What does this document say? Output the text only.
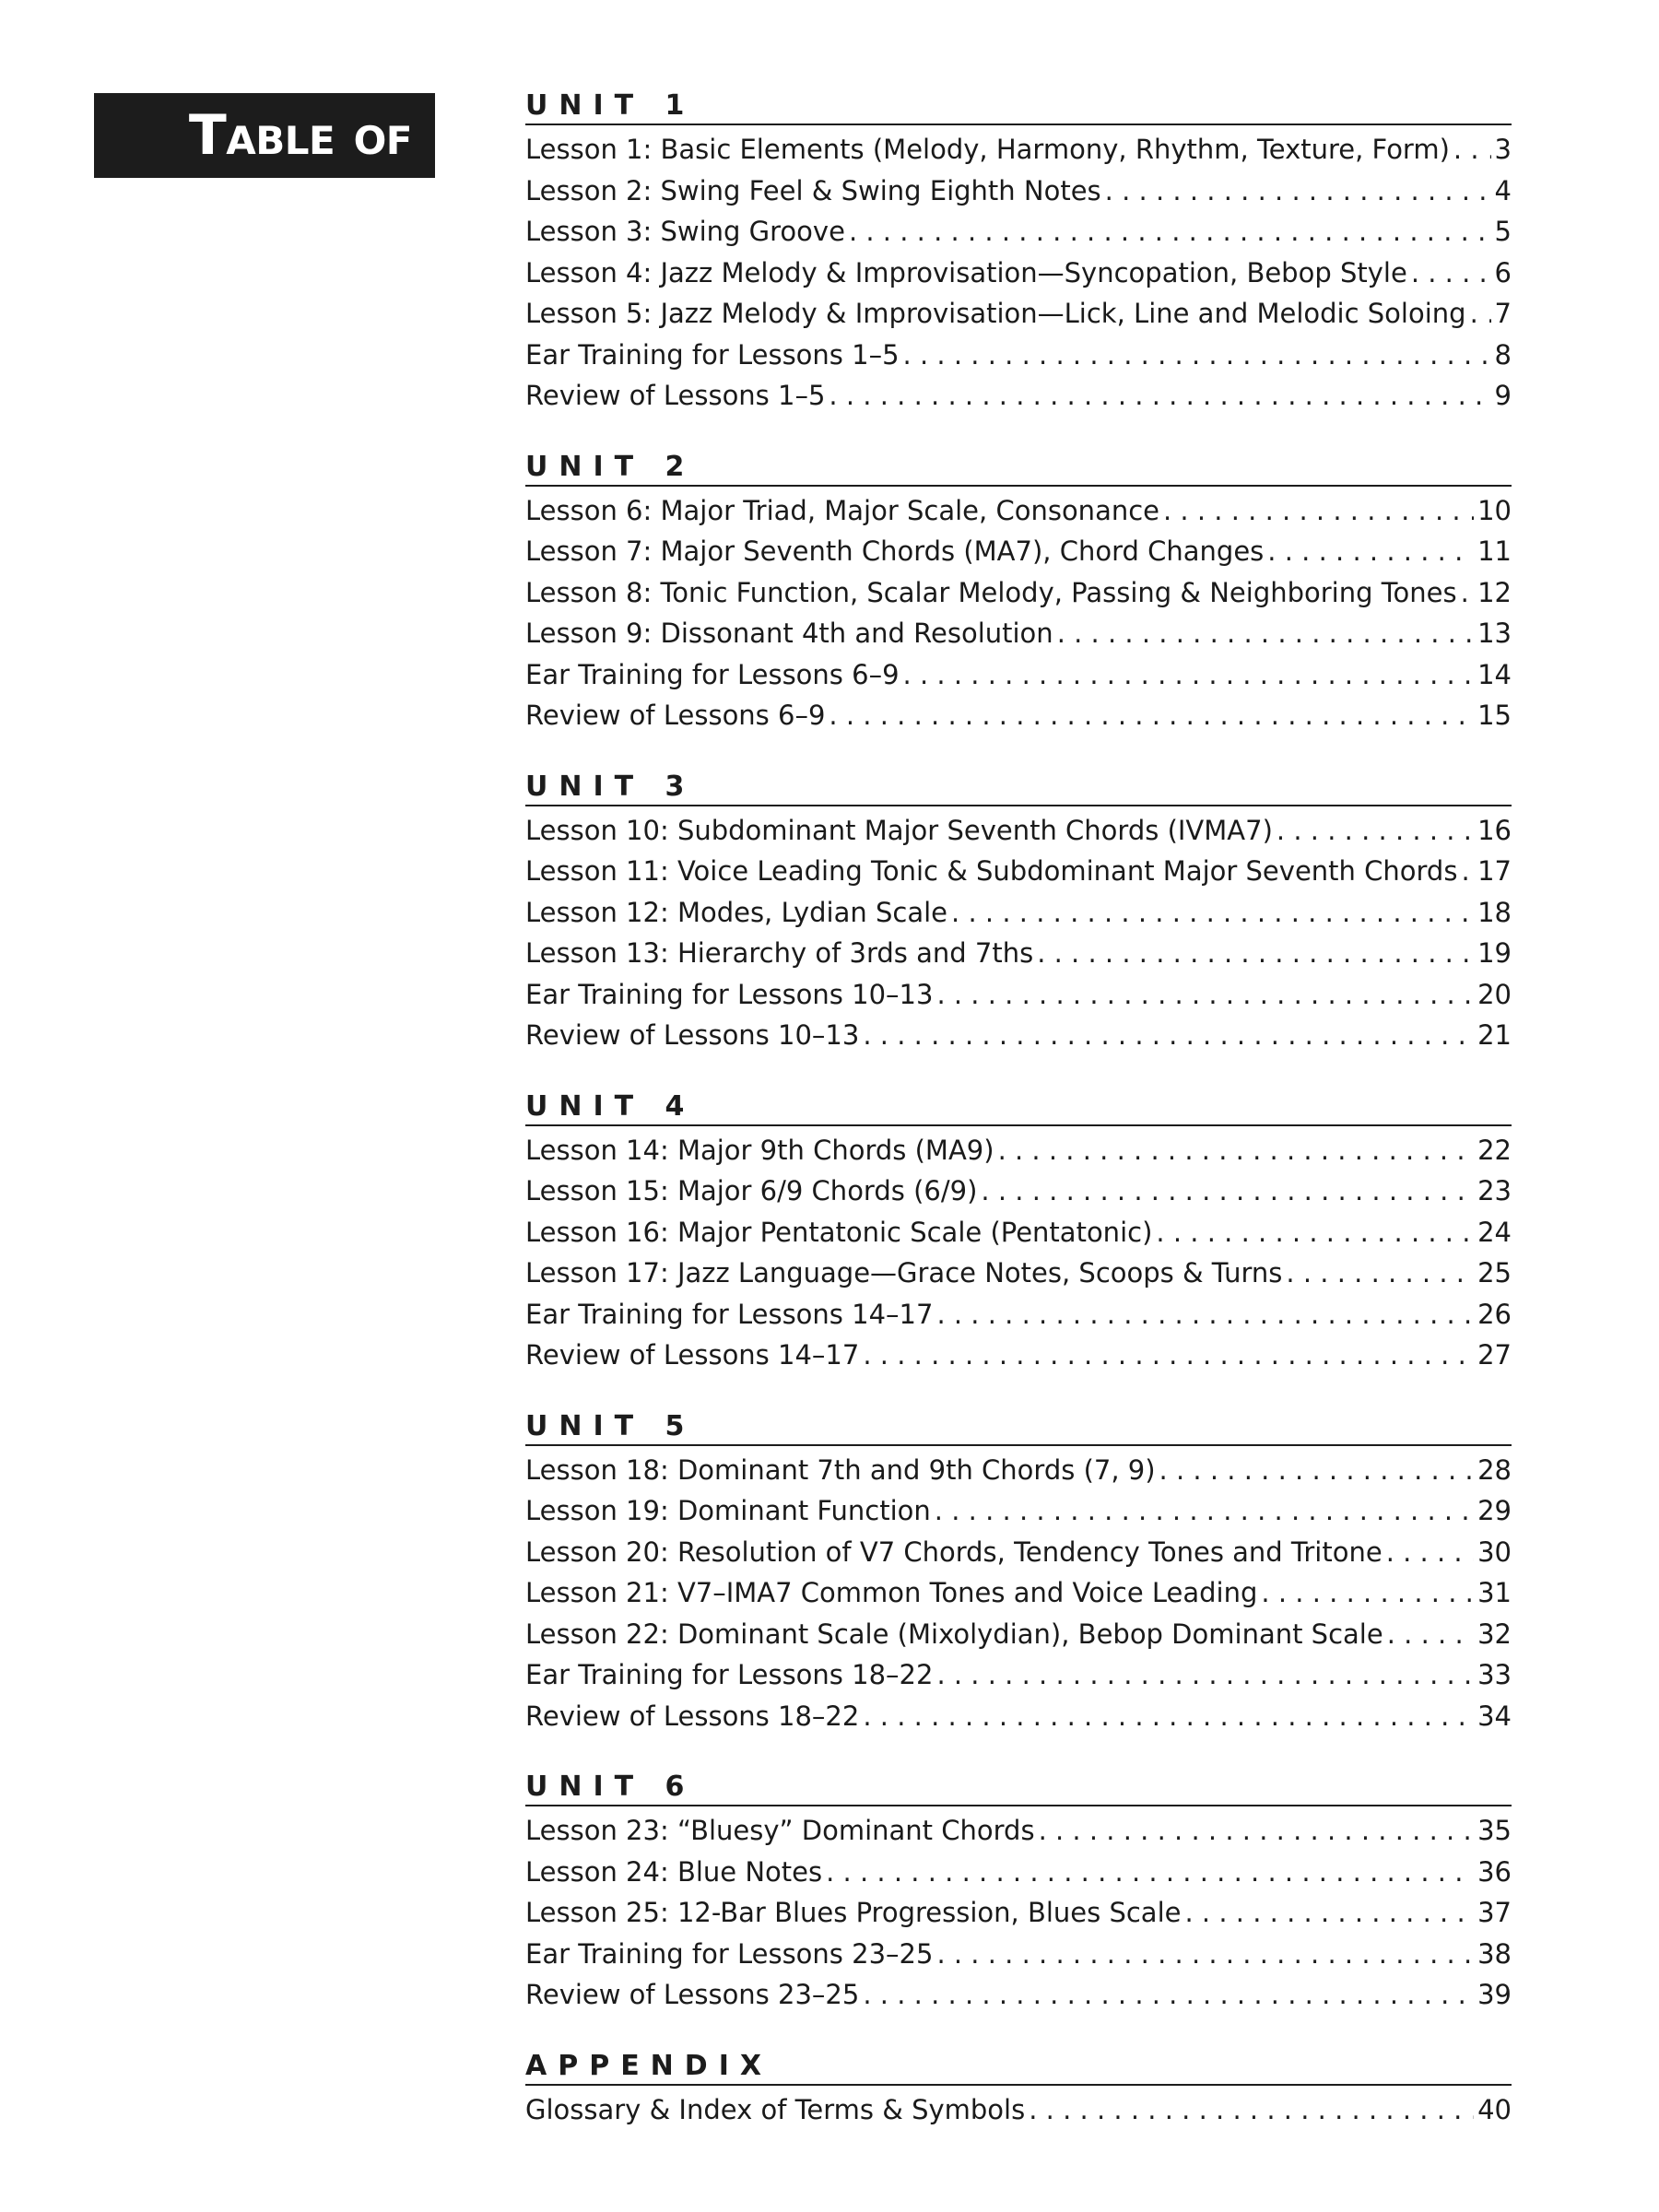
Table of	UNIT 1
Lesson 1: Basic Elements (Melody, Harmony, Rhythm, Texture, Form) . . . 3
Lesson 2: Swing Feel & Swing Eighth Notes . . .	4
Lesson 3: Swing Groove . . .	5
Lesson 4: Jazz Melody & Improvisation—Syncopation, Bebop Style . . .	6
Lesson 5: Jazz Melody & Improvisation—Lick, Line and Melodic Soloing . . . 7
Ear Training for Lessons 1–5 . . .	8
Review of Lessons 1–5 . . .	9
UNIT 2
Lesson 6: Major Triad, Major Scale, Consonance . . .	10
Lesson 7: Major Seventh Chords (MA7), Chord Changes . . .	11
Lesson 8: Tonic Function, Scalar Melody, Passing & Neighboring Tones . . . 12
Lesson 9: Dissonant 4th and Resolution . . .	13
Ear Training for Lessons 6–9 . . .	14
Review of Lessons 6–9 . . .	15
UNIT 3
Lesson 10: Subdominant Major Seventh Chords (IVMA7) . . .	16
Lesson 11: Voice Leading Tonic & Subdominant Major Seventh Chords . . . 17
Lesson 12: Modes, Lydian Scale . . .	18
Lesson 13: Hierarchy of 3rds and 7ths . . .	19
Ear Training for Lessons 10–13 . . .	20
Review of Lessons 10–13 . . .	21
UNIT 4
Lesson 14: Major 9th Chords (MA9) . . .	22
Lesson 15: Major 6/9 Chords (6/9) . . .	23
Lesson 16: Major Pentatonic Scale (Pentatonic) . . .	24
Lesson 17: Jazz Language—Grace Notes, Scoops & Turns . . .	25
Ear Training for Lessons 14–17 . . .	26
Review of Lessons 14–17 . . .	27
UNIT 5
Lesson 18: Dominant 7th and 9th Chords (7, 9) . . .	28
Lesson 19: Dominant Function . . .	29
Lesson 20: Resolution of V7 Chords, Tendency Tones and Tritone . . .	30
Lesson 21: V7–IMA7 Common Tones and Voice Leading . . .	31
Lesson 22: Dominant Scale (Mixolydian), Bebop Dominant Scale . . .	32
Ear Training for Lessons 18–22 . . .	33
Review of Lessons 18–22 . . .	34
UNIT 6
Lesson 23: “Bluesy” Dominant Chords . . .	35
Lesson 24: Blue Notes . . .	36
Lesson 25: 12-Bar Blues Progression, Blues Scale . . .	37
Ear Training for Lessons 23–25 . . .	38
Review of Lessons 23–25 . . .	39
APPENDIX
Glossary & Index of Terms & Symbols . . .	40
